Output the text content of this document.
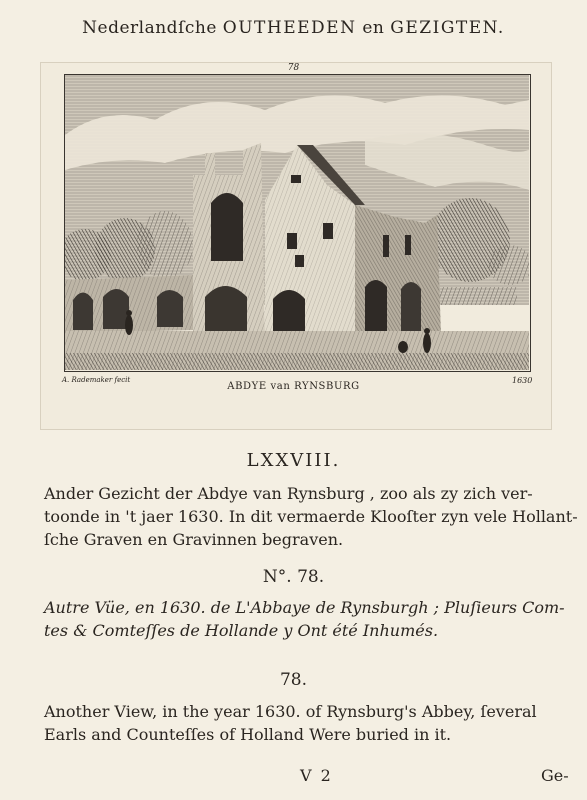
Nederlandſche OUTHEEDEN en GEZIGTEN.
78
A. Rademaker fecit
ABDYE van RYNSBURG
1630
LXXVIII.
Ander Gezicht der Abdye van Rynsburg , zoo als zy zich ver-
toonde in 't jaer 1630. In dit vermaerde Klooſter zyn vele Hollant-
ſche Graven en Gravinnen begraven.
N°. 78.
Autre Vüe, en 1630. de L'Abbaye de Rynsburgh ; Pluſieurs Com-
tes & Comteſſes de Hollande y Ont été Inhumés.
78.
Another View, in the year 1630. of Rynsburg's Abbey, ſeveral
Earls and Counteſſes of Holland Were buried in it.
V 2	Ge-
